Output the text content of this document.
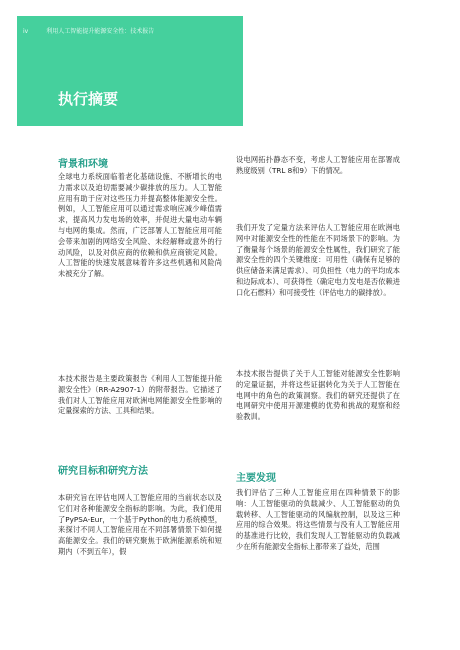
iv	利用人工智能提升能源安全性：技术报告
执行摘要
背景和环境

全球电力系统面临着老化基础设施、不断增长的电力需求以及迫切需要减少碳排放的压力。人工智能应用有助于应对这些压力并提高整体能源安全性。例如，人工智能应用可以通过需求响应减少峰值需求，提高风力发电场的效率，并促进大量电动车辆与电网的集成。然而，广泛部署人工智能应用可能会带来加剧的网络安全风险、未经解释或意外的行动风险，以及对供应商的依赖和供应商锁定风险。人工智能的快速发展意味着许多这些机遇和风险尚未被充分了解。

本技术报告是主要政策报告《利用人工智能提升能源安全性》（RR-A2907-1）的附带报告。它描述了我们对人工智能应用对欧洲电网能源安全性影响的定量探索的方法、工具和结果。

研究目标和研究方法

本研究旨在评估电网人工智能应用的当前状态以及它们对各种能源安全指标的影响。为此，我们使用了PyPSA-Eur，一个基于Python的电力系统模型，来探讨不同人工智能应用在不同部署情景下如何提高能源安全。我们的研究聚焦于欧洲能源系统和短期内（不到五年），假

设电网拓扑静态不变，考虑人工智能应用在部署成熟度级别（TRL 8和9）下的情况。

我们开发了定量方法来评估人工智能应用在欧洲电网中对能源安全性的性能在不同场景下的影响。为了衡量每个场景的能源安全性属性，我们研究了能源安全性的四个关键维度：可用性（确保有足够的供应储备来满足需求）、可负担性（电力的平均成本和边际成本）、可获得性（确定电力发电是否依赖进口化石燃料）和可接受性（评估电力的碳排放）。

本技术报告提供了关于人工智能对能源安全性影响的定量证据，并将这些证据转化为关于人工智能在电网中的角色的政策洞察。我们的研究还提供了在电网研究中使用开源建模的优势和挑战的观察和经验教训。

主要发现

我们评估了三种人工智能应用在四种情景下的影响：人工智能驱动的负载减少、人工智能驱动的负载转移、人工智能驱动的风编航控制，以及这三种应用的综合效果。将这些情景与没有人工智能应用的基准进行比较，我们发现人工智能驱动的负载减少在所有能源安全指标上都带来了益处，范围
